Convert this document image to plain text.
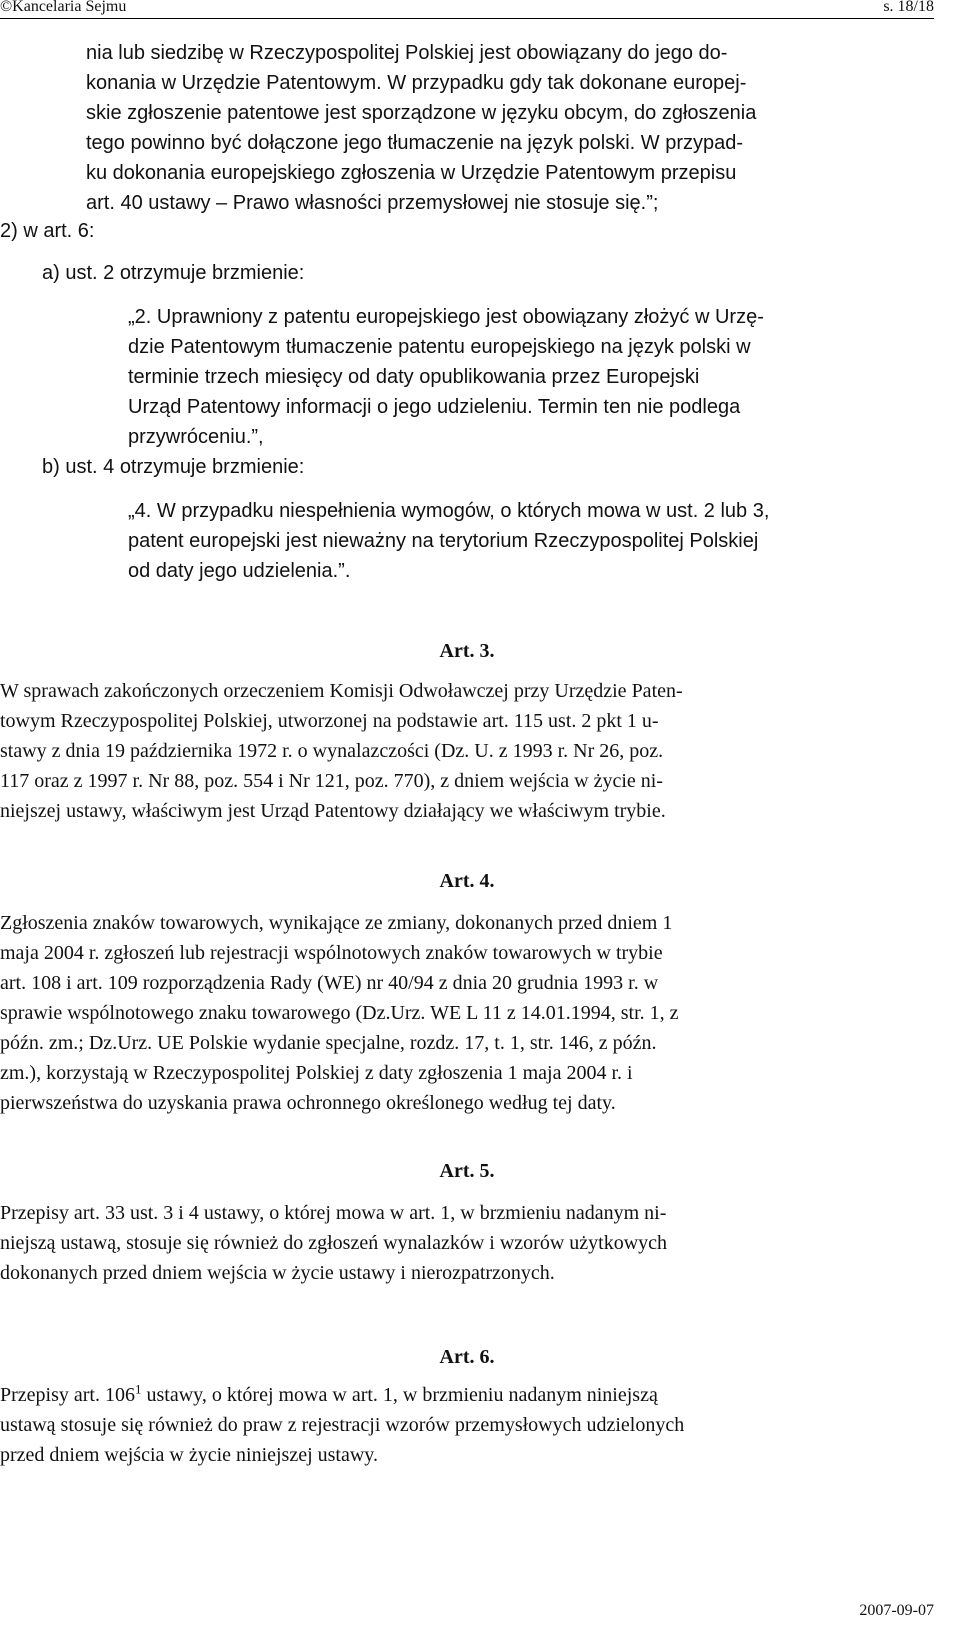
©Kancelaria Sejmu	s. 18/18

nia lub siedzibę w Rzeczypospolitej Polskiej jest obowiązany do jego do-

konania w Urzędzie Patentowym. W przypadku gdy tak dokonane europej-

skie zgłoszenie patentowe jest sporządzone w języku obcym, do zgłoszenia

tego powinno być dołączone jego tłumaczenie na język polski. W przypad-

ku dokonania europejskiego zgłoszenia w Urzędzie Patentowym przepisu

art. 40 ustawy – Prawo własności przemysłowej nie stosuje się.”;

2) w art. 6:
a) ust. 2 otrzymuje brzmienie:

„2. Uprawniony z patentu europejskiego jest obowiązany złożyć w Urzę-

dzie Patentowym tłumaczenie patentu europejskiego na język polski w

terminie trzech miesięcy od daty opublikowania przez Europejski

Urząd Patentowy informacji o jego udzieleniu. Termin ten nie podlega

przywróceniu.”,

b) ust. 4 otrzymuje brzmienie:

„4. W przypadku niespełnienia wymogów, o których mowa w ust. 2 lub 3,

patent europejski jest nieważny na terytorium Rzeczypospolitej Polskiej

od daty jego udzielenia.”.

Art. 3.

W sprawach zakończonych orzeczeniem Komisji Odwoławczej przy Urzędzie Paten-

towym Rzeczypospolitej Polskiej, utworzonej na podstawie art. 115 ust. 2 pkt 1 u-

stawy z dnia 19 października 1972 r. o wynalazczości (Dz. U. z 1993 r. Nr 26, poz.

117 oraz z 1997 r. Nr 88, poz. 554 i Nr 121, poz. 770), z dniem wejścia w życie ni-

niejszej ustawy, właściwym jest Urząd Patentowy działający we właściwym trybie.

Art. 4.

Zgłoszenia znaków towarowych, wynikające ze zmiany, dokonanych przed dniem 1

maja 2004 r. zgłoszeń lub rejestracji wspólnotowych znaków towarowych w trybie

art. 108 i art. 109 rozporządzenia Rady (WE) nr 40/94 z dnia 20 grudnia 1993 r. w

sprawie wspólnotowego znaku towarowego (Dz.Urz. WE L 11 z 14.01.1994, str. 1, z

późn. zm.; Dz.Urz. UE Polskie wydanie specjalne, rozdz. 17, t. 1, str. 146, z późn.

zm.), korzystają w Rzeczypospolitej Polskiej z daty zgłoszenia 1 maja 2004 r. i

pierwszeństwa do uzyskania prawa ochronnego określonego według tej daty.

Art. 5.

Przepisy art. 33 ust. 3 i 4 ustawy, o której mowa w art. 1, w brzmieniu nadanym ni-

niejszą ustawą, stosuje się również do zgłoszeń wynalazków i wzorów użytkowych

dokonanych przed dniem wejścia w życie ustawy i nierozpatrzonych.

Art. 6.

Przepisy art. $106^1$ ustawy, o której mowa w art. 1, w brzmieniu nadanym niniejszą

ustawą stosuje się również do praw z rejestracji wzorów przemysłowych udzielonych

przed dniem wejścia w życie niniejszej ustawy.

2007-09-07
